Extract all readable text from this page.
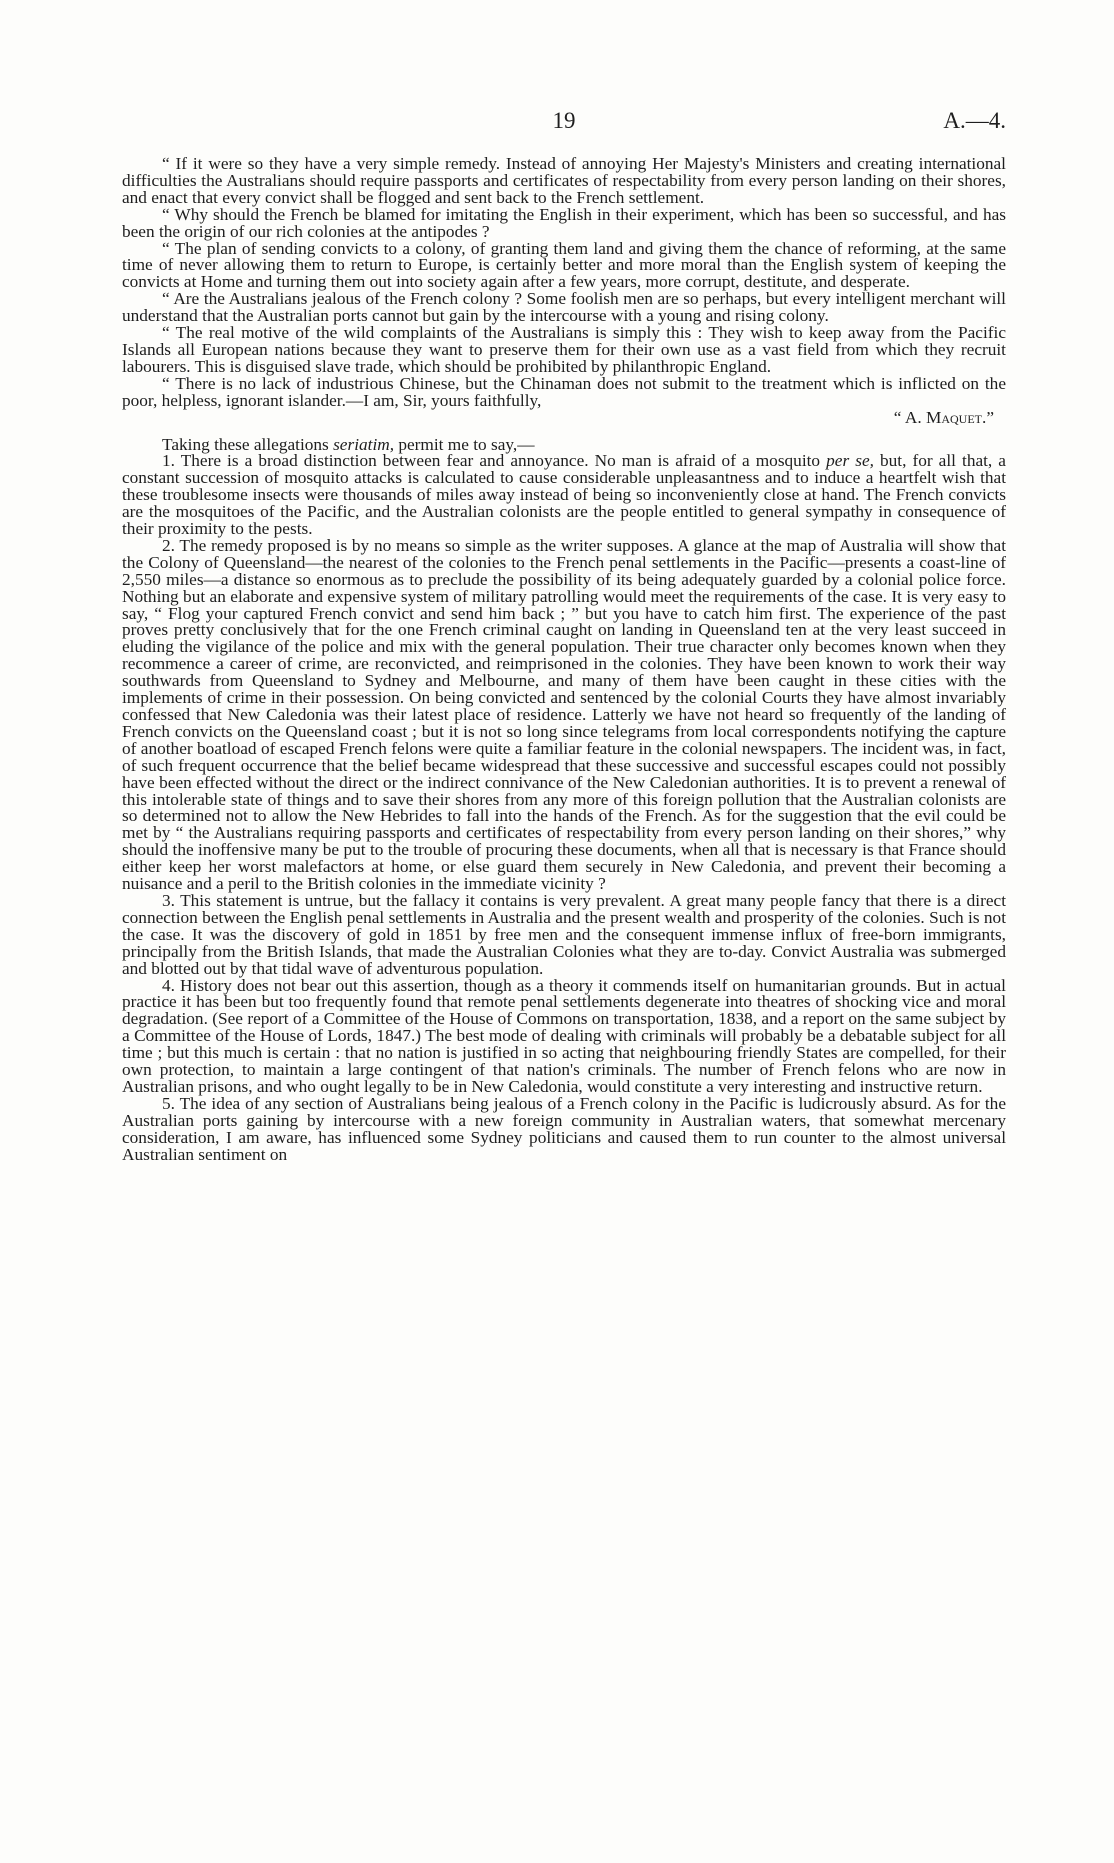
19	A.—4.

“ If it were so they have a very simple remedy. Instead of annoying Her Majesty's Ministers and creating international difficulties the Australians should require passports and certificates of respectability from every person landing on their shores, and enact that every convict shall be flogged and sent back to the French settlement.

“ Why should the French be blamed for imitating the English in their experiment, which has been so successful, and has been the origin of our rich colonies at the antipodes ?

“ The plan of sending convicts to a colony, of granting them land and giving them the chance of reforming, at the same time of never allowing them to return to Europe, is certainly better and more moral than the English system of keeping the convicts at Home and turning them out into society again after a few years, more corrupt, destitute, and desperate.

“ Are the Australians jealous of the French colony ? Some foolish men are so perhaps, but every intelligent merchant will understand that the Australian ports cannot but gain by the intercourse with a young and rising colony.

“ The real motive of the wild complaints of the Australians is simply this : They wish to keep away from the Pacific Islands all European nations because they want to preserve them for their own use as a vast field from which they recruit labourers. This is disguised slave trade, which should be prohibited by philanthropic England.

“ There is no lack of industrious Chinese, but the Chinaman does not submit to the treatment which is inflicted on the poor, helpless, ignorant islander.—I am, Sir, yours faithfully,

“ A. Maquet.”

Taking these allegations seriatim, permit me to say,—

1. There is a broad distinction between fear and annoyance. No man is afraid of a mosquito per se, but, for all that, a constant succession of mosquito attacks is calculated to cause considerable unpleasantness and to induce a heartfelt wish that these troublesome insects were thousands of miles away instead of being so inconveniently close at hand. The French convicts are the mosquitoes of the Pacific, and the Australian colonists are the people entitled to general sympathy in consequence of their proximity to the pests.

2. The remedy proposed is by no means so simple as the writer supposes. A glance at the map of Australia will show that the Colony of Queensland—the nearest of the colonies to the French penal settlements in the Pacific—presents a coast-line of 2,550 miles—a distance so enormous as to preclude the possibility of its being adequately guarded by a colonial police force. Nothing but an elaborate and expensive system of military patrolling would meet the requirements of the case. It is very easy to say, “ Flog your captured French convict and send him back ; ” but you have to catch him first. The experience of the past proves pretty conclusively that for the one French criminal caught on landing in Queensland ten at the very least succeed in eluding the vigilance of the police and mix with the general population. Their true character only becomes known when they recommence a career of crime, are reconvicted, and reimprisoned in the colonies. They have been known to work their way southwards from Queensland to Sydney and Melbourne, and many of them have been caught in these cities with the implements of crime in their possession. On being convicted and sentenced by the colonial Courts they have almost invariably confessed that New Caledonia was their latest place of residence. Latterly we have not heard so frequently of the landing of French convicts on the Queensland coast ; but it is not so long since telegrams from local correspondents notifying the capture of another boatload of escaped French felons were quite a familiar feature in the colonial newspapers. The incident was, in fact, of such frequent occurrence that the belief became widespread that these successive and successful escapes could not possibly have been effected without the direct or the indirect connivance of the New Caledonian authorities. It is to prevent a renewal of this intolerable state of things and to save their shores from any more of this foreign pollution that the Australian colonists are so determined not to allow the New Hebrides to fall into the hands of the French. As for the suggestion that the evil could be met by “ the Australians requiring passports and certificates of respectability from every person landing on their shores,” why should the inoffensive many be put to the trouble of procuring these documents, when all that is necessary is that France should either keep her worst malefactors at home, or else guard them securely in New Caledonia, and prevent their becoming a nuisance and a peril to the British colonies in the immediate vicinity ?

3. This statement is untrue, but the fallacy it contains is very prevalent. A great many people fancy that there is a direct connection between the English penal settlements in Australia and the present wealth and prosperity of the colonies. Such is not the case. It was the discovery of gold in 1851 by free men and the consequent immense influx of free-born immigrants, principally from the British Islands, that made the Australian Colonies what they are to-day. Convict Australia was submerged and blotted out by that tidal wave of adventurous population.

4. History does not bear out this assertion, though as a theory it commends itself on humanitarian grounds. But in actual practice it has been but too frequently found that remote penal settlements degenerate into theatres of shocking vice and moral degradation. (See report of a Committee of the House of Commons on transportation, 1838, and a report on the same subject by a Committee of the House of Lords, 1847.) The best mode of dealing with criminals will probably be a debatable subject for all time ; but this much is certain : that no nation is justified in so acting that neighbouring friendly States are compelled, for their own protection, to maintain a large contingent of that nation's criminals. The number of French felons who are now in Australian prisons, and who ought legally to be in New Caledonia, would constitute a very interesting and instructive return.

5. The idea of any section of Australians being jealous of a French colony in the Pacific is ludicrously absurd. As for the Australian ports gaining by intercourse with a new foreign community in Australian waters, that somewhat mercenary consideration, I am aware, has influenced some Sydney politicians and caused them to run counter to the almost universal Australian sentiment on
